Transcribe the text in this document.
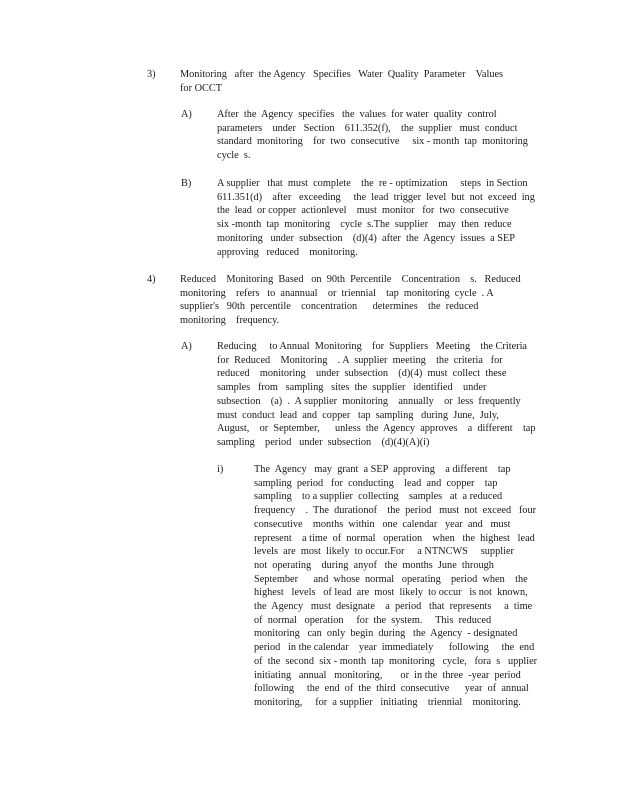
3) Monitoring   after  the Agency   Specifies   Water  Quality  Parameter    Values
for OCCT
A) After  the  Agency  specifies   the  values  for water  quality  control
parameters    under   Section    611.352(f),    the  supplier   must  conduct
standard  monitoring    for  two  consecutive     six - month  tap  monitoring
cycle  s.
B) A supplier   that  must  complete    the  re - optimization     steps  in Section
611.351(d)    after   exceeding     the  lead  trigger  level  but  not  exceed  ing
the  lead  or copper  actionlevel    must  monitor   for  two  consecutive
six -month  tap  monitoring    cycle  s.The  supplier    may  then  reduce
monitoring   under  subsection    (d)(4)  after  the  Agency  issues  a SEP
approving   reduced    monitoring.
4) Reduced    Monitoring  Based   on  90th  Percentile    Concentration    s.   Reduced
monitoring    refers   to  anannual    or  triennial    tap  monitoring  cycle  . A
supplier's   90th  percentile    concentration      determines    the  reduced
monitoring    frequency.
A) Reducing     to Annual  Monitoring    for  Suppliers   Meeting    the Criteria
for  Reduced    Monitoring    . A  supplier  meeting    the  criteria   for
reduced    monitoring    under  subsection    (d)(4)  must  collect  these
samples   from   sampling   sites  the  supplier   identified    under
subsection    (a)  .  A supplier  monitoring    annually    or  less  frequently
must  conduct  lead  and  copper   tap  sampling   during  June,  July,
August,    or  September,      unless  the  Agency  approves    a  different    tap
sampling    period   under  subsection    (d)(4)(A)(i)
i)	The  Agency   may  grant  a SEP  approving    a different    tap
sampling  period   for  conducting    lead  and  copper    tap
sampling    to a supplier  collecting    samples   at  a reduced
frequency    .  The  durationof    the  period   must  not  exceed   four
consecutive    months  within   one  calendar   year  and   must
represent    a time  of  normal   operation    when   the  highest   lead
levels  are  most  likely  to occur.For     a NTNCWS     supplier
not  operating    during  anyof   the  months  June  through
September      and  whose  normal   operating    period  when    the
highest   levels   of lead  are  most  likely  to occur   is not  known,
the  Agency   must  designate    a  period   that  represents     a  time
of  normal   operation     for  the  system.     This  reduced
monitoring   can  only  begin  during   the  Agency  - designated
period   in the calendar    year  immediately      following     the  end
of  the  second  six - month  tap  monitoring   cycle,   fora  s   upplier
initiating   annual   monitoring,       or  in the  three  -year  period
following     the  end  of  the  third  consecutive      year  of  annual
monitoring,     for  a supplier   initiating    triennial    monitoring.
